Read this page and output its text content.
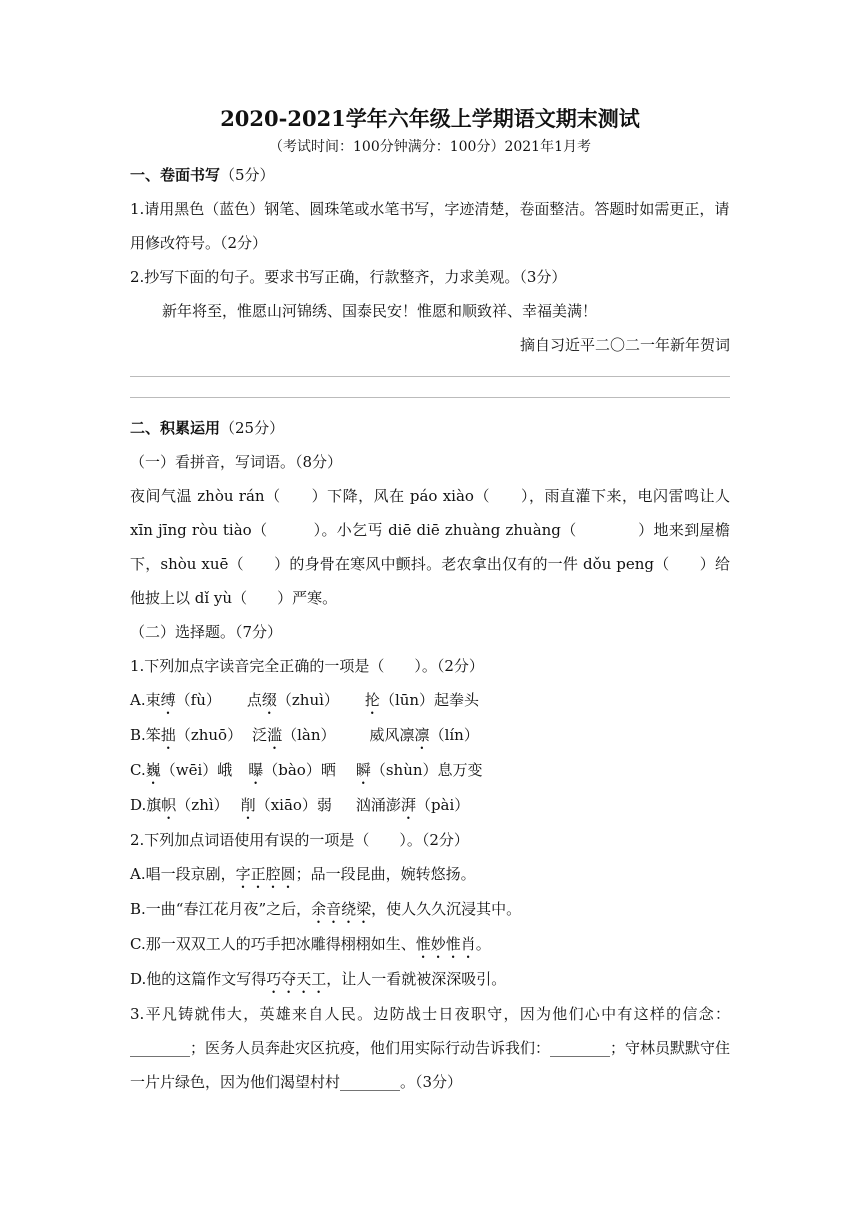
2020-2021学年六年级上学期语文期末测试
（考试时间：100分钟满分：100分）2021年1月考
一、卷面书写（5分）
1.请用黑色（蓝色）钢笔、圆珠笔或水笔书写，字迹清楚，卷面整洁。答题时如需更正，请用修改符号。（2分）
2.抄写下面的句子。要求书写正确，行款整齐，力求美观。（3分）
新年将至，惟愿山河锦绣、国泰民安！惟愿和顺致祥、幸福美满！
摘自习近平二〇二一年新年贺词
二、积累运用（25分）
（一）看拼音，写词语。（8分）
夜间气温 zhòu rán（　　）下降，风在 páo xiào（　　），雨直灌下来，电闪雷鸣让人 xīn jīng ròu tiào（　　　）。小乞丐 diē diē zhuàng zhuàng（　　　　）地来到屋檐下，shòu xuē（　　）的身骨在寒风中颤抖。老农拿出仅有的一件 dǒu peng（　　）给他披上以 dǐ yù（　　）严寒。
（二）选择题。（7分）
1.下列加点字读音完全正确的一项是（　　）。（2分）
A.束缚（fù） 点缀（zhuì） 抡（lūn）起拳头
B.笨拙（zhuō） 泛滥（làn） 威风凛凛（lín）
C.巍（wēi）峨 曝（bào）晒 瞬（shùn）息万变
D.旗帜（zhì） 削（xiāo）弱 汹涌澎湃（pài）
2.下列加点词语使用有误的一项是（　　）。（2分）
A.唱一段京剧，字正腔圆；品一段昆曲，婉转悠扬。
B.一曲“春江花月夜”之后，余音绕梁，使人久久沉浸其中。
C.那一双双工人的巧手把冰雕得栩栩如生、惟妙惟肖。
D.他的这篇作文写得巧夺天工，让人一看就被深深吸引。
3.平凡铸就伟大，英雄来自人民。边防战士日夜职守，因为他们心中有这样的信念：________；医务人员奔赴灾区抗疫，他们用实际行动告诉我们：________；守林员默默守住一片片绿色，因为他们渴望村村________。（3分）
